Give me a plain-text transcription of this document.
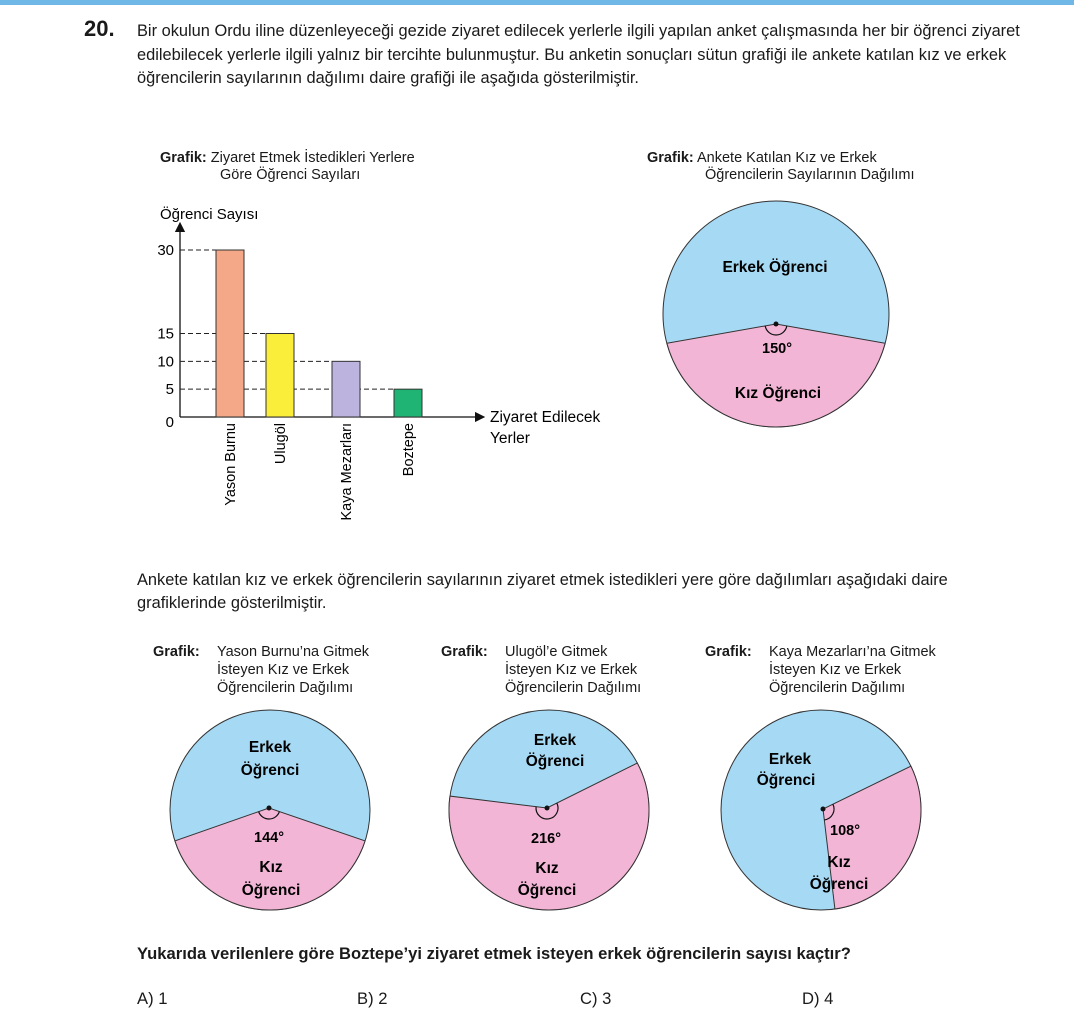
20. Bir okulun Ordu iline düzenleyeceği gezide ziyaret edilecek yerlerle ilgili yapılan anket çalışmasında her bir öğrenci ziyaret edilebilecek yerlerle ilgili yalnız bir tercihte bulunmuştur. Bu anketin sonuçları sütun grafiği ile ankete katılan kız ve erkek öğrencilerin sayılarının dağılımı daire grafiği ile aşağıda gösterilmiştir.
Grafik: Ziyaret Etmek İstedikleri Yerlere
Göre Öğrenci Sayıları
Grafik: Ankete Katılan Kız ve Erkek
Öğrencilerin Sayılarının Dağılımı
Öğrenci Sayısı
30
15
10
5
0
Yason Burnu Ulugöl	Kaya Mezarları	Boztepe
Ziyaret Edilecek
Yerler
Erkek Öğrenci
150°
Kız Öğrenci
Ankete katılan kız ve erkek öğrencilerin sayılarının ziyaret etmek istedikleri yere göre dağılımları aşağıdaki daire grafiklerinde gösterilmiştir.
Grafik: Yason Burnu’na Gitmek
İsteyen Kız ve Erkek
Öğrencilerin Dağılımı
Grafik: Ulugöl’e Gitmek
İsteyen Kız ve Erkek
Öğrencilerin Dağılımı
Grafik: Kaya Mezarları’na Gitmek
İsteyen Kız ve Erkek
Öğrencilerin Dağılımı
Erkek
Öğrenci
144°
Kız
Öğrenci
Erkek
Öğrenci
216°
Kız
Öğrenci
Erkek
Öğrenci
108°
Kız
Öğrenci
Yukarıda verilenlere göre Boztepe’yi ziyaret etmek isteyen erkek öğrencilerin sayısı kaçtır?
A) 1	B) 2	C) 3	D) 4
